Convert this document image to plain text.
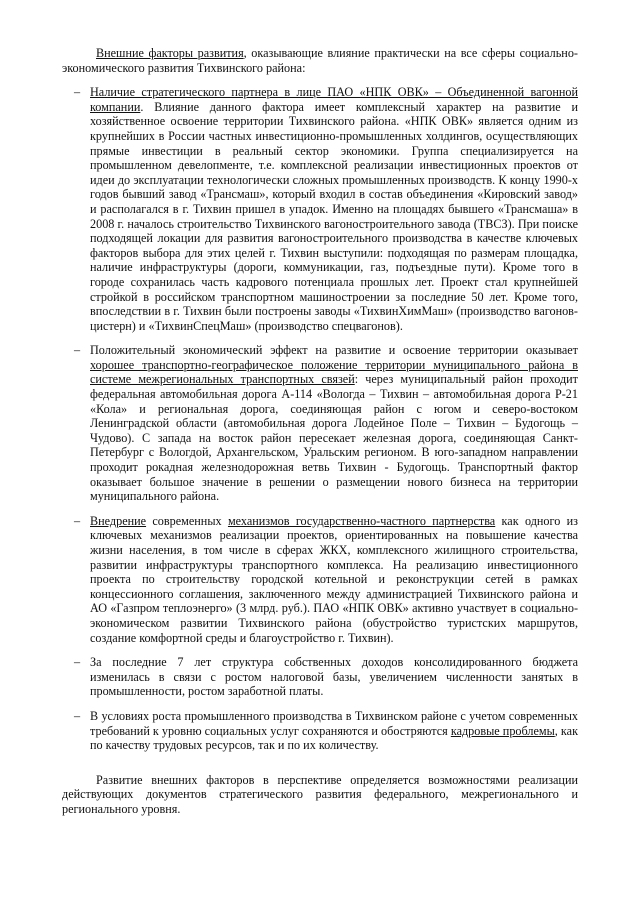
Внешние факторы развития, оказывающие влияние практически на все сферы социально-экономического развития Тихвинского района:

– Наличие стратегического партнера в лице ПАО «НПК ОВК» – Объединенной вагонной компании. Влияние данного фактора имеет комплексный характер на развитие и хозяйственное освоение территории Тихвинского района. «НПК ОВК» является одним из крупнейших в России частных инвестиционно-промышленных холдингов, осуществляющих прямые инвестиции в реальный сектор экономики. Группа специализируется на промышленном девелопменте, т.е. комплексной реализации инвестиционных проектов от идеи до эксплуатации технологически сложных промышленных производств. К концу 1990-х годов бывший завод «Трансмаш», который входил в состав объединения «Кировский завод» и располагался в г. Тихвин пришел в упадок. Именно на площадях бывшего «Трансмаша» в 2008 г. началось строительство Тихвинского вагоностроительного завода (ТВСЗ). При поиске подходящей локации для развития вагоностроительного производства в качестве ключевых факторов выбора для этих целей г. Тихвин выступили: подходящая по размерам площадка, наличие инфраструктуры (дороги, коммуникации, газ, подъездные пути). Кроме того в городе сохранилась часть кадрового потенциала прошлых лет. Проект стал крупнейшей стройкой в российском транспортном машиностроении за последние 50 лет. Кроме того, впоследствии в г. Тихвин были построены заводы «ТихвинХимМаш» (производство вагонов-цистерн) и «ТихвинСпецМаш» (производство спецвагонов).
– Положительный экономический эффект на развитие и освоение территории оказывает хорошее транспортно-географическое положение территории муниципального района в системе межрегиональных транспортных связей: через муниципальный район проходит федеральная автомобильная дорога А-114 «Вологда – Тихвин – автомобильная дорога Р-21 «Кола» и региональная дорога, соединяющая район с югом и северо-востоком Ленинградской области (автомобильная дорога Лодейное Поле – Тихвин – Будогощь – Чудово). С запада на восток район пересекает железная дорога, соединяющая Санкт-Петербург с Вологдой, Архангельском, Уральским регионом. В юго-западном направлении проходит рокадная железнодорожная ветвь Тихвин - Будогощь. Транспортный фактор оказывает большое значение в решении о размещении нового бизнеса на территории муниципального района.
– Внедрение современных механизмов государственно-частного партнерства как одного из ключевых механизмов реализации проектов, ориентированных на повышение качества жизни населения, в том числе в сферах ЖКХ, комплексного жилищного строительства, развитии инфраструктуры транспортного комплекса. На реализацию инвестиционного проекта по строительству городской котельной и реконструкции сетей в рамках концессионного соглашения, заключенного между администрацией Тихвинского района и АО «Газпром теплоэнерго» (3 млрд. руб.). ПАО «НПК ОВК» активно участвует в социально-экономическом развитии Тихвинского района (обустройство туристских маршрутов, создание комфортной среды и благоустройство г. Тихвин).
– За последние 7 лет структура собственных доходов консолидированного бюджета изменилась в связи с ростом налоговой базы, увеличением численности занятых в промышленности, ростом заработной платы.
– В условиях роста промышленного производства в Тихвинском районе с учетом современных требований к уровню социальных услуг сохраняются и обостряются кадровые проблемы, как по качеству трудовых ресурсов, так и по их количеству.

Развитие внешних факторов в перспективе определяется возможностями реализации действующих документов стратегического развития федерального, межрегионального и регионального уровня.
